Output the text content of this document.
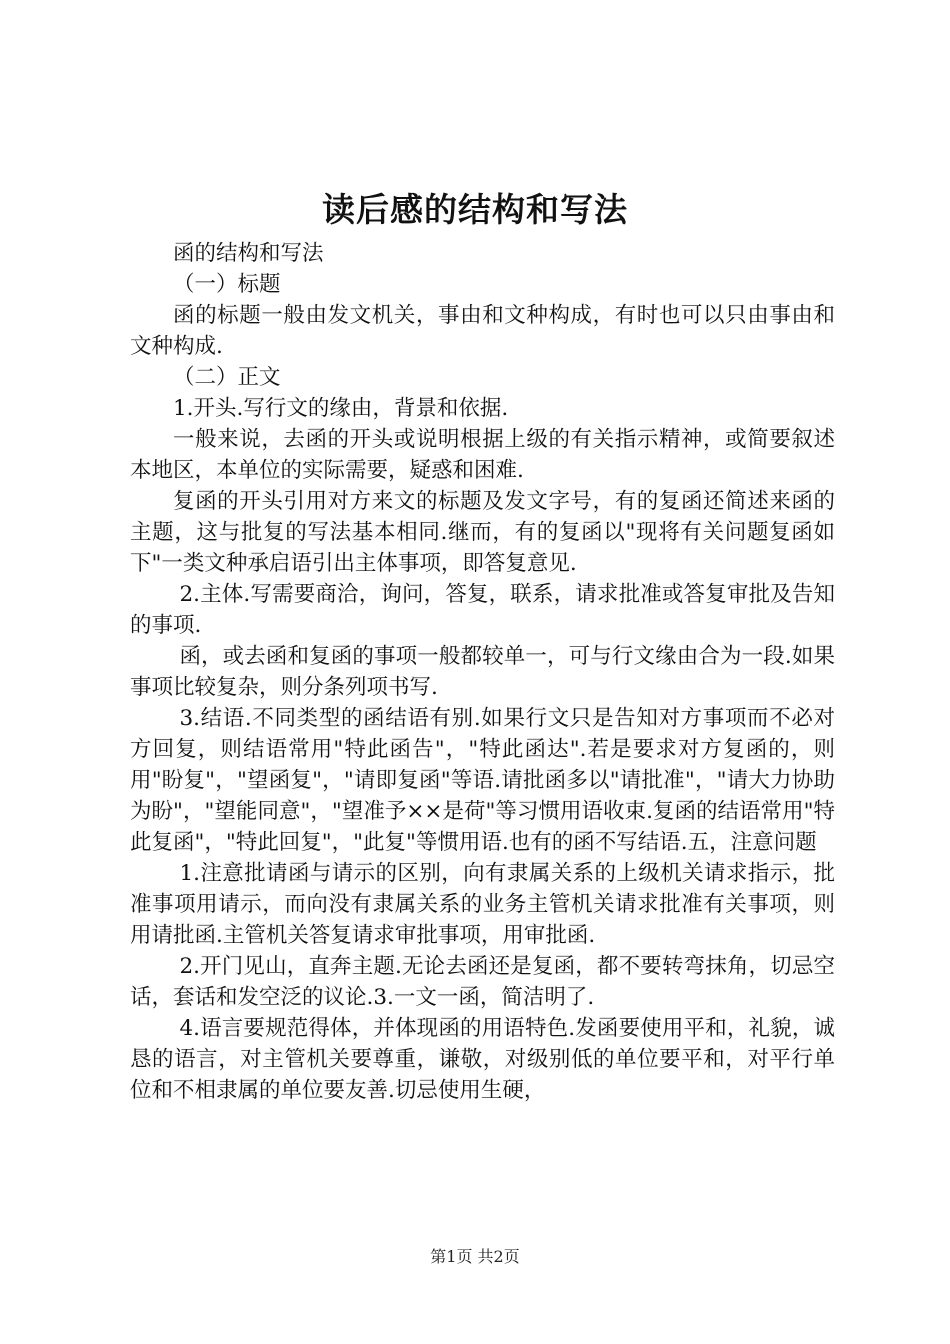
读后感的结构和写法

函的结构和写法

（一）标题

函的标题一般由发文机关，事由和文种构成，有时也可以只由事由和文种构成.

（二）正文

1.开头.写行文的缘由，背景和依据.

一般来说，去函的开头或说明根据上级的有关指示精神，或简要叙述本地区，本单位的实际需要，疑惑和困难.

复函的开头引用对方来文的标题及发文字号，有的复函还简述来函的主题，这与批复的写法基本相同.继而，有的复函以"现将有关问题复函如下"一类文种承启语引出主体事项，即答复意见.

2.主体.写需要商洽，询问，答复，联系，请求批准或答复审批及告知的事项.

函，或去函和复函的事项一般都较单一，可与行文缘由合为一段.如果事项比较复杂，则分条列项书写.

3.结语.不同类型的函结语有别.如果行文只是告知对方事项而不必对方回复，则结语常用"特此函告"，"特此函达".若是要求对方复函的，则用"盼复"，"望函复"，"请即复函"等语.请批函多以"请批准"，"请大力协助为盼"，"望能同意"，"望准予××是荷"等习惯用语收束.复函的结语常用"特此复函"，"特此回复"，"此复"等惯用语.也有的函不写结语.五，注意问题

1.注意批请函与请示的区别，向有隶属关系的上级机关请求指示，批准事项用请示，而向没有隶属关系的业务主管机关请求批准有关事项，则用请批函.主管机关答复请求审批事项，用审批函.

2.开门见山，直奔主题.无论去函还是复函，都不要转弯抹角，切忌空话，套话和发空泛的议论.3.一文一函，简洁明了.

4.语言要规范得体，并体现函的用语特色.发函要使用平和，礼貌，诚恳的语言，对主管机关要尊重，谦敬，对级别低的单位要平和，对平行单位和不相隶属的单位要友善.切忌使用生硬，

第1页 共2页
